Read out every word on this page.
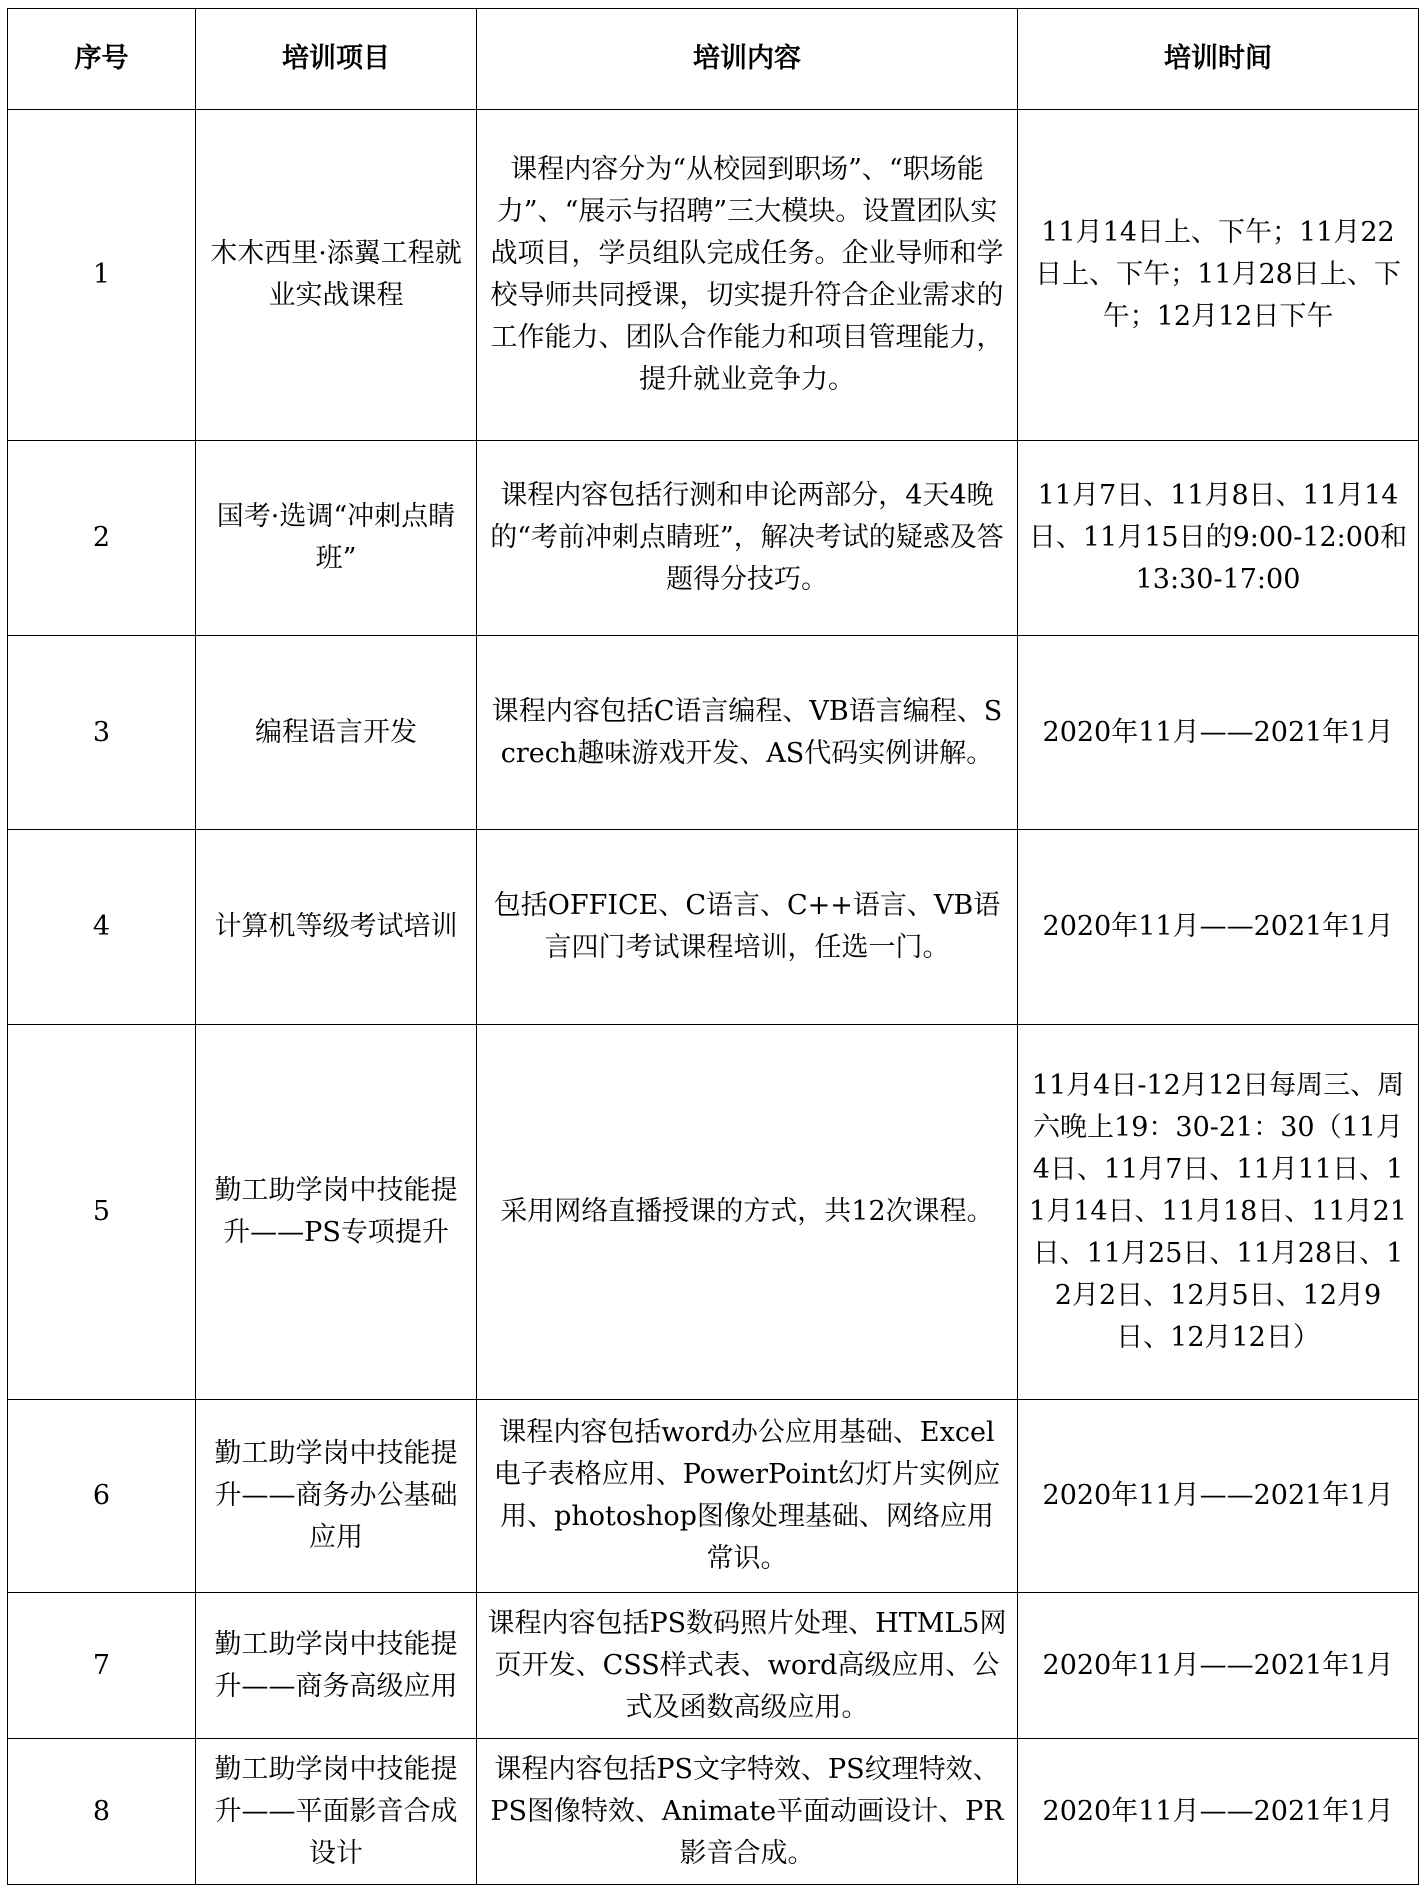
序号	培训项目	培训内容	培训时间
1	木木西里·添翼工程就业实战课程	课程内容分为“从校园到职场”、“职场能力”、“展示与招聘”三大模块。设置团队实战项目，学员组队完成任务。企业导师和学校导师共同授课，切实提升符合企业需求的工作能力、团队合作能力和项目管理能力，提升就业竞争力。	11月14日上、下午；11月22日上、下午；11月28日上、下午；12月12日下午
2	国考·选调“冲刺点睛班”	课程内容包括行测和申论两部分，4天4晚的“考前冲刺点睛班”，解决考试的疑惑及答题得分技巧。	11月7日、11月8日、11月14日、11月15日的9:00-12:00和13:30-17:00
3	编程语言开发	课程内容包括C语言编程、VB语言编程、Screch趣味游戏开发、AS代码实例讲解。	2020年11月——2021年1月
4	计算机等级考试培训	包括OFFICE、C语言、C++语言、VB语言四门考试课程培训，任选一门。	2020年11月——2021年1月
5	勤工助学岗中技能提升——PS专项提升	采用网络直播授课的方式，共12次课程。	11月4日-12月12日每周三、周六晚上19：30-21：30（11月4日、11月7日、11月11日、11月14日、11月18日、11月21日、11月25日、11月28日、12月2日、12月5日、12月9日、12月12日）
6	勤工助学岗中技能提升——商务办公基础应用	课程内容包括word办公应用基础、Excel电子表格应用、PowerPoint幻灯片实例应用、photoshop图像处理基础、网络应用常识。	2020年11月——2021年1月
7	勤工助学岗中技能提升——商务高级应用	课程内容包括PS数码照片处理、HTML5网页开发、CSS样式表、word高级应用、公式及函数高级应用。	2020年11月——2021年1月
8	勤工助学岗中技能提升——平面影音合成设计	课程内容包括PS文字特效、PS纹理特效、PS图像特效、Animate平面动画设计、PR影音合成。	2020年11月——2021年1月
